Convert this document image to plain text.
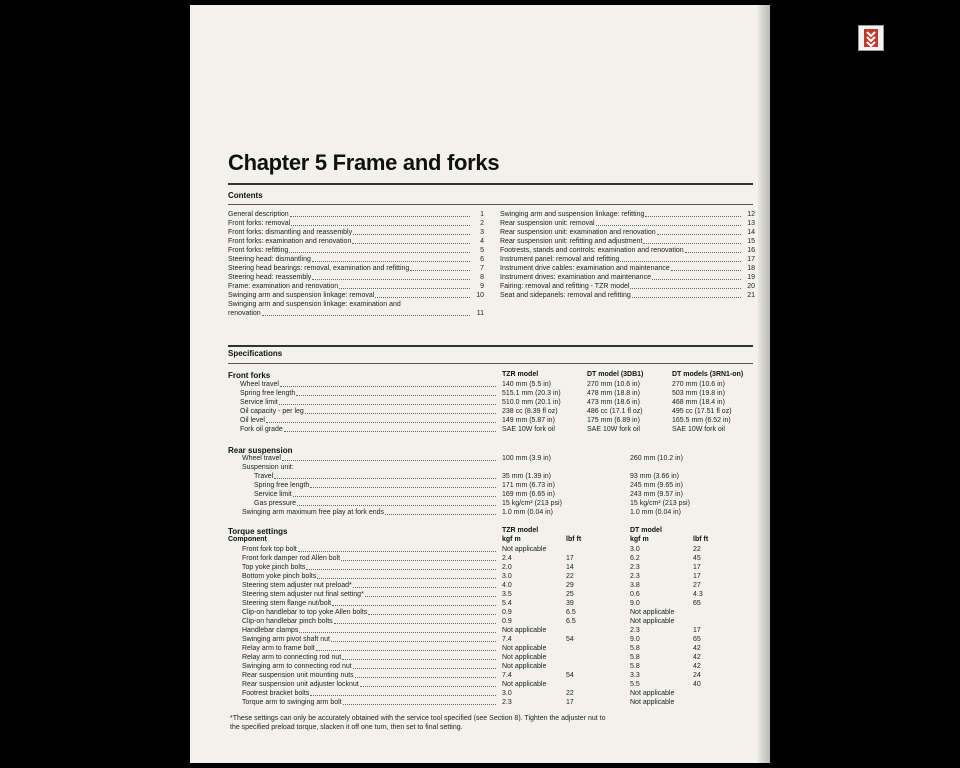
Chapter 5 Frame and forks
Contents
General description	1
Front forks: removal	2
Front forks: dismantling and reassembly	3
Front forks: examination and renovation	4
Front forks: refitting	5
Steering head: dismantling	6
Steering head bearings: removal, examination and refitting	7
Steering head: reassembly	8
Frame: examination and renovation	9
Swinging arm and suspension linkage: removal	10
Swinging arm and suspension linkage: examination and
renovation	11
Swinging arm and suspension linkage: refitting	12
Rear suspension unit: removal	13
Rear suspension unit: examination and renovation	14
Rear suspension unit: refitting and adjustment	15
Footrests, stands and controls: examination and renovation	16
Instrument panel: removal and refitting	17
Instrument drive cables: examination and maintenance	18
Instrument drives: examination and maintenance	19
Fairing: removal and refitting - TZR model	20
Seat and sidepanels: removal and refitting	21
Specifications
Front forks	TZR model	DT model (3DB1)	DT models (3RN1-on)
Wheel travel	140 mm (5.5 in)	270 mm (10.6 in)	270 mm (10.6 in)
Spring free length	515.1 mm (20.3 in)	478 mm (18.8 in)	503 mm (19.8 in)
Service limit	510.0 mm (20.1 in)	473 mm (18.6 in)	468 mm (18.4 in)
Oil capacity - per leg	238 cc (8.39 fl oz)	486 cc (17.1 fl oz)	495 cc (17.51 fl oz)
Oil level	149 mm (5.87 in)	175 mm (6.89 in)	165.5 mm (6.52 in)
Fork oil grade	SAE 10W fork oil	SAE 10W fork oil	SAE 10W fork oil
Rear suspension
Wheel travel	100 mm (3.9 in)	260 mm (10.2 in)
Suspension unit:
Travel	35 mm (1.39 in)	93 mm (3.66 in)
Spring free length	171 mm (6.73 in)	245 mm (9.65 in)
Service limit	169 mm (6.65 in)	243 mm (9.57 in)
Gas pressure	15 kg/cm² (213 psi)	15 kg/cm² (213 psi)
Swinging arm maximum free play at fork ends	1.0 mm (0.04 in)	1.0 mm (0.04 in)
Torque settings
Component
TZR model	DT model
kgf m	lbf ft	kgf m	lbf ft
Front fork top bolt	Not applicable	3.0	22
Front fork damper rod Allen bolt	2.4	17	6.2	45
Top yoke pinch bolts	2.0	14	2.3	17
Bottom yoke pinch bolts	3.0	22	2.3	17
Steering stem adjuster nut preload*	4.0	29	3.8	27
Steering stem adjuster nut final setting*	3.5	25	0.6	4.3
Steering stem flange nut/bolt	5.4	39	9.0	65
Clip-on handlebar to top yoke Allen bolts	0.9	6.5	Not applicable
Clip-on handlebar pinch bolts	0.9	6.5	Not applicable
Handlebar clamps	Not applicable	2.3	17
Swinging arm pivot shaft nut	7.4	54	9.0	65
Relay arm to frame bolt	Not applicable	5.8	42
Relay arm to connecting rod nut	Not applicable	5.8	42
Swinging arm to connecting rod nut	Not applicable	5.8	42
Rear suspension unit mounting nuts	7.4	54	3.3	24
Rear suspension unit adjuster locknut	Not applicable	5.5	40
Footrest bracket bolts	3.0	22	Not applicable
Torque arm to swinging arm bolt	2.3	17	Not applicable
*These settings can only be accurately obtained with the service tool specified (see Section 8). Tighten the adjuster nut to
the specified preload torque, slacken it off one turn, then set to final setting.
